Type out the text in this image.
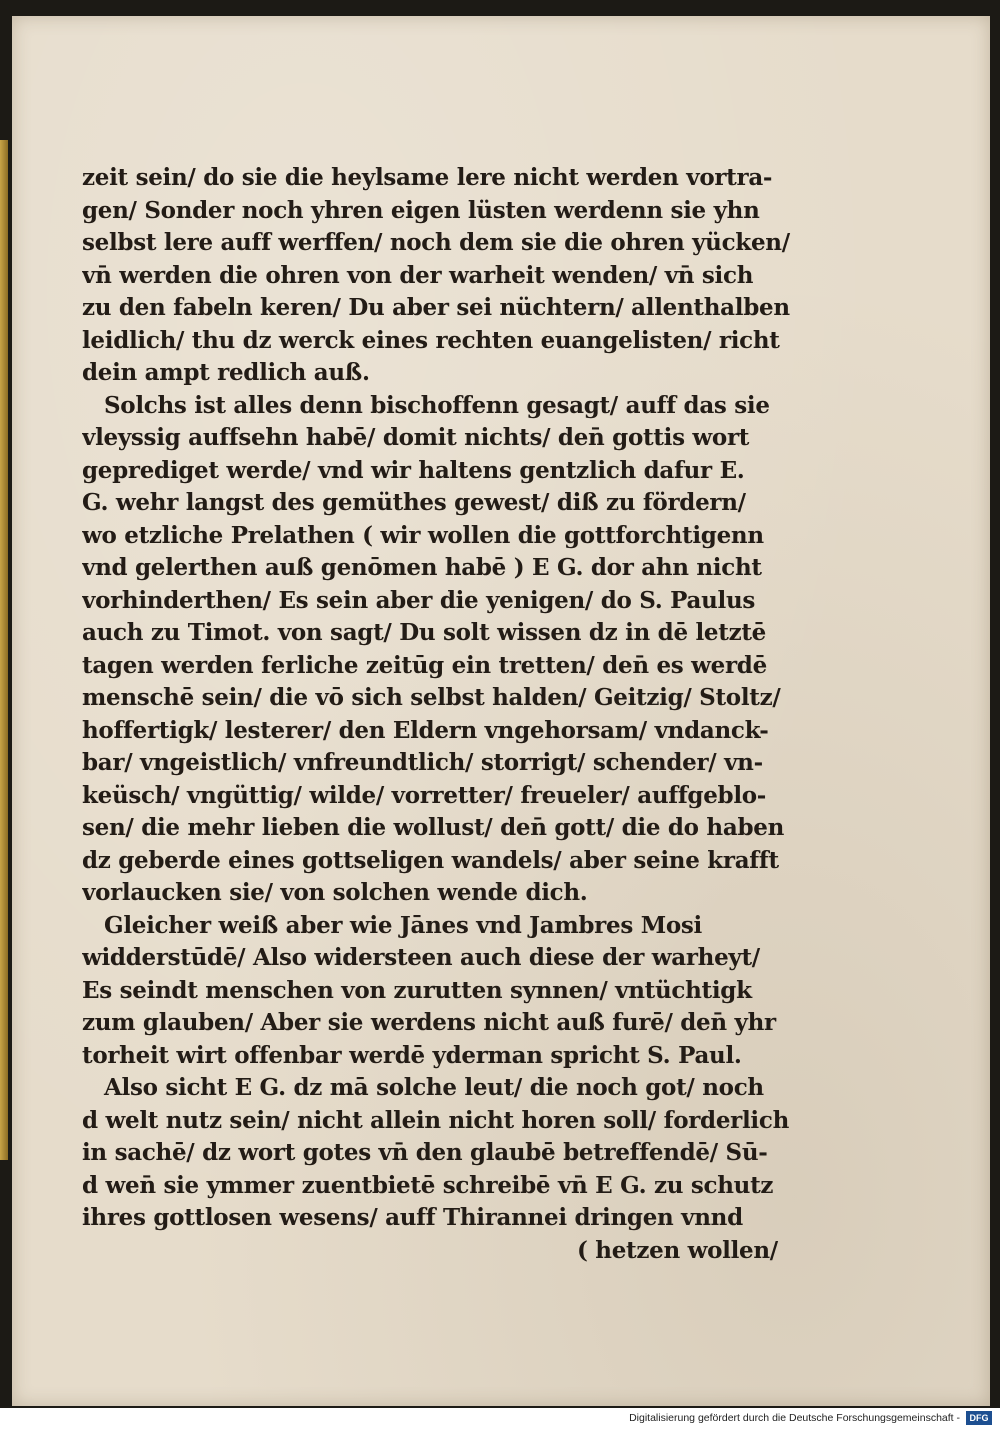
zeit sein/ do sie die heylsame lere nicht werden vortra-
gen/ Sonder noch yhren eigen lüsten werdenn sie yhn
selbst lere auff werffen/ noch dem sie die ohren yücken/
vn̄ werden die ohren von der warheit wenden/ vn̄ sich
zu den fabeln keren/ Du aber sei nüchtern/ allenthalben
leidlich/ thu dz werck eines rechten euangelisten/ richt
dein ampt redlich auß.
Solchs ist alles denn bischoffenn gesagt/ auff das sie
vleyssig auffsehn habē/ domit nichts/ den̄ gottis wort
geprediget werde/ vnd wir haltens gentzlich dafur E.
G. wehr langst des gemüthes gewest/ diß zu fördern/
wo etzliche Prelathen ( wir wollen die gottforchtigenn
vnd gelerthen auß genōmen habē ) E G. dor ahn nicht
vorhinderthen/ Es sein aber die yenigen/ do S. Paulus
auch zu Timot. von sagt/ Du solt wissen dz in dē letztē
tagen werden ferliche zeitūg ein tretten/ den̄ es werdē
menschē sein/ die vō sich selbst halden/ Geitzig/ Stoltz/
hoffertigk/ lesterer/ den Eldern vngehorsam/ vndanck-
bar/ vngeistlich/ vnfreundtlich/ storrigt/ schender/ vn-
keüsch/ vngüttig/ wilde/ vorretter/ freueler/ auffgeblo-
sen/ die mehr lieben die wollust/ den̄ gott/ die do haben
dz geberde eines gottseligen wandels/ aber seine krafft
vorlaucken sie/ von solchen wende dich.
Gleicher weiß aber wie Jānes vnd Jambres Mosi
widderstūdē/ Also widersteen auch diese der warheyt/
Es seindt menschen von zurutten synnen/ vntüchtigk
zum glauben/ Aber sie werdens nicht auß furē/ den̄ yhr
torheit wirt offenbar werdē yderman spricht S. Paul.
Also sicht E G. dz mā solche leut/ die noch got/ noch
d welt nutz sein/ nicht allein nicht horen soll/ forderlich
in sachē/ dz wort gotes vn̄ den glaubē betreffendē/ Sū-
d wen̄ sie ymmer zuentbietē schreibē vn̄ E G. zu schutz
ihres gottlosen wesens/ auff Thirannei dringen vnnd
( hetzen wollen/
Digitalisierung gefördert durch die Deutsche Forschungsgemeinschaft -	DFG
